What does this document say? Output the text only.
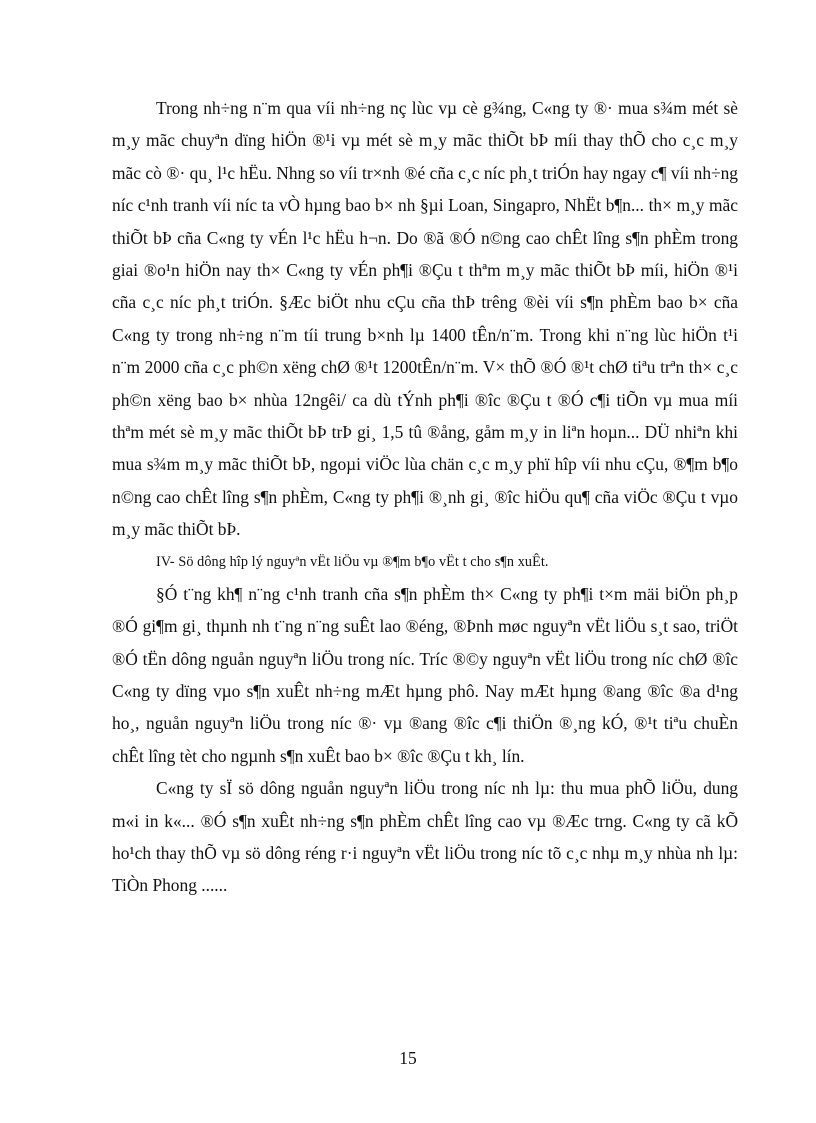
Trong nh÷ng n¨m qua víi nh÷ng nç lùc vµ cè g¾ng, C«ng ty ®· mua s¾m mét sè m¸y mãc chuyªn dïng hiÖn ®¹i vµ mét sè m¸y mãc thiÕt bÞ míi thay thÕ cho c¸c m¸y mãc cò ®· qu¸ l¹c hËu. Nhng so víi tr×nh ®é cña c¸c níc ph¸t triÓn hay ngay c¶ víi nh÷ng níc c¹nh tranh víi níc ta vÒ hµng bao b× nh §µi Loan, Singapro, NhËt b¶n... th× m¸y mãc thiÕt bÞ cña C«ng ty vÉn l¹c hËu h¬n. Do ®ã ®Ó n©ng cao chÊt lîng s¶n phÈm trong giai ®o¹n hiÖn nay th× C«ng ty vÉn ph¶i ®Çu t thªm m¸y mãc thiÕt bÞ míi, hiÖn ®¹i cña c¸c níc ph¸t triÓn. §Æc biÖt nhu cÇu cña thÞ trêng ®èi víi s¶n phÈm bao b× cña C«ng ty trong nh÷ng n¨m tíi trung b×nh lµ 1400 tÊn/n¨m. Trong khi n¨ng lùc hiÖn t¹i n¨m 2000 cña c¸c ph©n xëng chØ ®¹t 1200tÊn/n¨m. V× thÕ ®Ó ®¹t chØ tiªu trªn th× c¸c ph©n xëng bao b× nhùa 12ngêi/ ca dù tÝnh ph¶i ®îc ®Çu t ®Ó c¶i tiÕn vµ mua míi thªm mét sè m¸y mãc thiÕt bÞ trÞ gi¸ 1,5 tû ®ång, gåm m¸y in liªn hoµn... DÜ nhiªn khi mua s¾m m¸y mãc thiÕt bÞ, ngoµi viÖc lùa chän c¸c m¸y phï hîp víi nhu cÇu, ®¶m b¶o n©ng cao chÊt lîng s¶n phÈm, C«ng ty ph¶i ®¸nh gi¸ ®îc hiÖu qu¶ cña viÖc ®Çu t vµo m¸y mãc thiÕt bÞ.

IV- Sö dông hîp lý nguyªn vËt liÖu vµ ®¶m b¶o vËt t cho s¶n xuÊt.

§Ó t¨ng kh¶ n¨ng c¹nh tranh cña s¶n phÈm th× C«ng ty ph¶i t×m mäi biÖn ph¸p ®Ó gi¶m gi¸ thµnh nh t¨ng n¨ng suÊt lao ®éng, ®Þnh møc nguyªn vËt liÖu s¸t sao, triÖt ®Ó tËn dông nguån nguyªn liÖu trong níc. Tríc ®©y nguyªn vËt liÖu trong níc chØ ®îc C«ng ty dïng vµo s¶n xuÊt nh÷ng mÆt hµng phô. Nay mÆt hµng ®ang ®îc ®a d¹ng ho¸, nguån nguyªn liÖu trong níc ®· vµ ®ang ®îc c¶i thiÖn ®¸ng kÓ, ®¹t tiªu chuÈn chÊt lîng tèt cho ngµnh s¶n xuÊt bao b× ®îc ®Çu t kh¸ lín.

C«ng ty sÏ sö dông nguån nguyªn liÖu trong níc nh lµ: thu mua phÕ liÖu, dung m«i in k«... ®Ó s¶n xuÊt nh÷ng s¶n phÈm chÊt lîng cao vµ ®Æc trng. C«ng ty cã kÕ ho¹ch thay thÕ vµ sö dông réng r·i nguyªn vËt liÖu trong níc tõ c¸c nhµ m¸y nhùa nh lµ: TiÒn Phong ......

15
